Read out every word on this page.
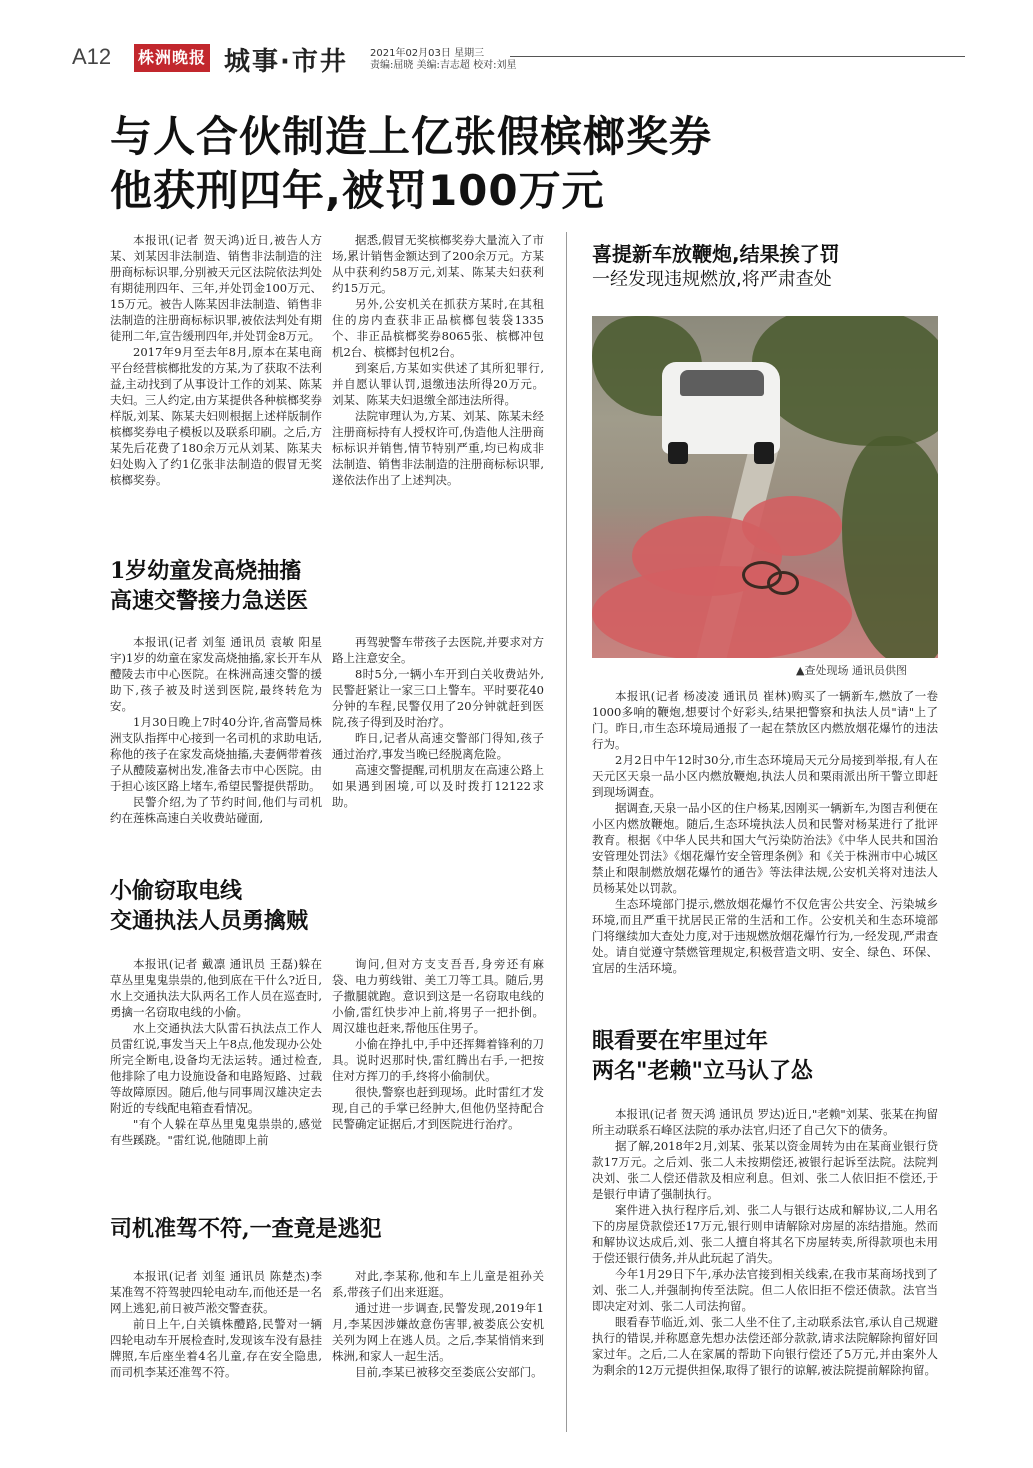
A12 株洲晚报 城事·市井 2021年02月03日 星期三
责编:屈晓 美编:吉志超 校对:刘星
与人合伙制造上亿张假槟榔奖券
他获刑四年,被罚100万元

本报讯(记者 贺天鸿)近日,被告人方某、刘某因非法制造、销售非法制造的注册商标标识罪,分别被天元区法院依法判处有期徒刑四年、三年,并处罚金100万元、15万元。被告人陈某因非法制造、销售非法制造的注册商标标识罪,被依法判处有期徒刑二年,宣告缓刑四年,并处罚金8万元。

2017年9月至去年8月,原本在某电商平台经营槟榔批发的方某,为了获取不法利益,主动找到了从事设计工作的刘某、陈某夫妇。三人约定,由方某提供各种槟榔奖券样版,刘某、陈某夫妇则根据上述样版制作槟榔奖券电子模板以及联系印刷。之后,方某先后花费了180余万元从刘某、陈某夫妇处购入了约1亿张非法制造的假冒无奖槟榔奖券。

据悉,假冒无奖槟榔奖券大量流入了市场,累计销售金额达到了200余万元。方某从中获利约58万元,刘某、陈某夫妇获利约15万元。

另外,公安机关在抓获方某时,在其租住的房内查获非正品槟榔包装袋1335个、非正品槟榔奖券8065张、槟榔冲包机2台、槟榔封包机2台。

到案后,方某如实供述了其所犯罪行,并自愿认罪认罚,退缴违法所得20万元。刘某、陈某夫妇退缴全部违法所得。

法院审理认为,方某、刘某、陈某未经注册商标持有人授权许可,伪造他人注册商标标识并销售,情节特别严重,均已构成非法制造、销售非法制造的注册商标标识罪,遂依法作出了上述判决。

1岁幼童发高烧抽搐
高速交警接力急送医

本报讯(记者 刘玺 通讯员 袁敏 阳星宇)1岁的幼童在家发高烧抽搐,家长开车从醴陵去市中心医院。在株洲高速交警的援助下,孩子被及时送到医院,最终转危为安。

1月30日晚上7时40分许,省高警局株洲支队指挥中心接到一名司机的求助电话,称他的孩子在家发高烧抽搐,夫妻俩带着孩子从醴陵嘉树出发,准备去市中心医院。由于担心该区路上堵车,希望民警提供帮助。

民警介绍,为了节约时间,他们与司机约在莲株高速白关收费站碰面,

再驾驶警车带孩子去医院,并要求对方路上注意安全。

8时5分,一辆小车开到白关收费站外,民警赶紧让一家三口上警车。平时要花40分钟的车程,民警仅用了20分钟就赶到医院,孩子得到及时治疗。

昨日,记者从高速交警部门得知,孩子通过治疗,事发当晚已经脱离危险。

高速交警提醒,司机朋友在高速公路上如果遇到困境,可以及时拨打12122求助。

小偷窃取电线
交通执法人员勇擒贼

本报讯(记者 戴凛 通讯员 王磊)躲在草丛里鬼鬼祟祟的,他到底在干什么?近日,水上交通执法大队两名工作人员在巡查时,勇擒一名窃取电线的小偷。

水上交通执法大队雷石执法点工作人员雷红说,事发当天上午8点,他发现办公处所完全断电,设备均无法运转。通过检查,他排除了电力设施设备和电路短路、过载等故障原因。随后,他与同事周汉雄决定去附近的专线配电箱查看情况。

"有个人躲在草丛里鬼鬼祟祟的,感觉有些蹊跷。"雷红说,他随即上前

询问,但对方支支吾吾,身旁还有麻袋、电力剪线钳、美工刀等工具。随后,男子撒腿就跑。意识到这是一名窃取电线的小偷,雷红快步冲上前,将男子一把扑倒。周汉雄也赶来,帮他压住男子。

小偷在挣扎中,手中还挥舞着锋利的刀具。说时迟那时快,雷红腾出右手,一把按住对方挥刀的手,终将小偷制伏。

很快,警察也赶到现场。此时雷红才发现,自己的手掌已经肿大,但他仍坚持配合民警确定证据后,才到医院进行治疗。

司机准驾不符,一查竟是逃犯

本报讯(记者 刘玺 通讯员 陈楚杰)李某准驾不符驾驶四轮电动车,而他还是一名网上逃犯,前日被芦淞交警查获。

前日上午,白关镇株醴路,民警对一辆四轮电动车开展检查时,发现该车没有悬挂牌照,车后座坐着4名儿童,存在安全隐患,而司机李某还准驾不符。

对此,李某称,他和车上儿童是祖孙关系,带孩子们出来逛逛。

通过进一步调查,民警发现,2019年1月,李某因涉嫌故意伤害罪,被娄底公安机关列为网上在逃人员。之后,李某悄悄来到株洲,和家人一起生活。

目前,李某已被移交至娄底公安部门。

喜提新车放鞭炮,结果挨了罚
一经发现违规燃放,将严肃查处
▲查处现场 通讯员供图

本报讯(记者 杨凌凌 通讯员 崔林)购买了一辆新车,燃放了一卷1000多响的鞭炮,想要讨个好彩头,结果把警察和执法人员"请"上了门。昨日,市生态环境局通报了一起在禁放区内燃放烟花爆竹的违法行为。

2月2日中午12时30分,市生态环境局天元分局接到举报,有人在天元区天泉一品小区内燃放鞭炮,执法人员和栗雨派出所干警立即赶到现场调查。

据调查,天泉一品小区的住户杨某,因刚买一辆新车,为图吉利便在小区内燃放鞭炮。随后,生态环境执法人员和民警对杨某进行了批评教育。根据《中华人民共和国大气污染防治法》《中华人民共和国治安管理处罚法》《烟花爆竹安全管理条例》和《关于株洲市中心城区禁止和限制燃放烟花爆竹的通告》等法律法规,公安机关将对违法人员杨某处以罚款。

生态环境部门提示,燃放烟花爆竹不仅危害公共安全、污染城乡环境,而且严重干扰居民正常的生活和工作。公安机关和生态环境部门将继续加大查处力度,对于违规燃放烟花爆竹行为,一经发现,严肃查处。请自觉遵守禁燃管理规定,积极营造文明、安全、绿色、环保、宜居的生活环境。

眼看要在牢里过年
两名"老赖"立马认了怂

本报讯(记者 贺天鸿 通讯员 罗达)近日,"老赖"刘某、张某在拘留所主动联系石峰区法院的承办法官,归还了自己欠下的债务。

据了解,2018年2月,刘某、张某以资金周转为由在某商业银行贷款17万元。之后刘、张二人未按期偿还,被银行起诉至法院。法院判决刘、张二人偿还借款及相应利息。但刘、张二人依旧拒不偿还,于是银行申请了强制执行。

案件进入执行程序后,刘、张二人与银行达成和解协议,二人用名下的房屋贷款偿还17万元,银行则申请解除对房屋的冻结措施。然而和解协议达成后,刘、张二人擅自将其名下房屋转卖,所得款项也未用于偿还银行债务,并从此玩起了消失。

今年1月29日下午,承办法官接到相关线索,在我市某商场找到了刘、张二人,并强制拘传至法院。但二人依旧拒不偿还债款。法官当即决定对刘、张二人司法拘留。

眼看春节临近,刘、张二人坐不住了,主动联系法官,承认自己规避执行的错误,并称愿意先想办法偿还部分款款,请求法院解除拘留好回家过年。之后,二人在家属的帮助下向银行偿还了5万元,并由案外人为剩余的12万元提供担保,取得了银行的谅解,被法院提前解除拘留。
